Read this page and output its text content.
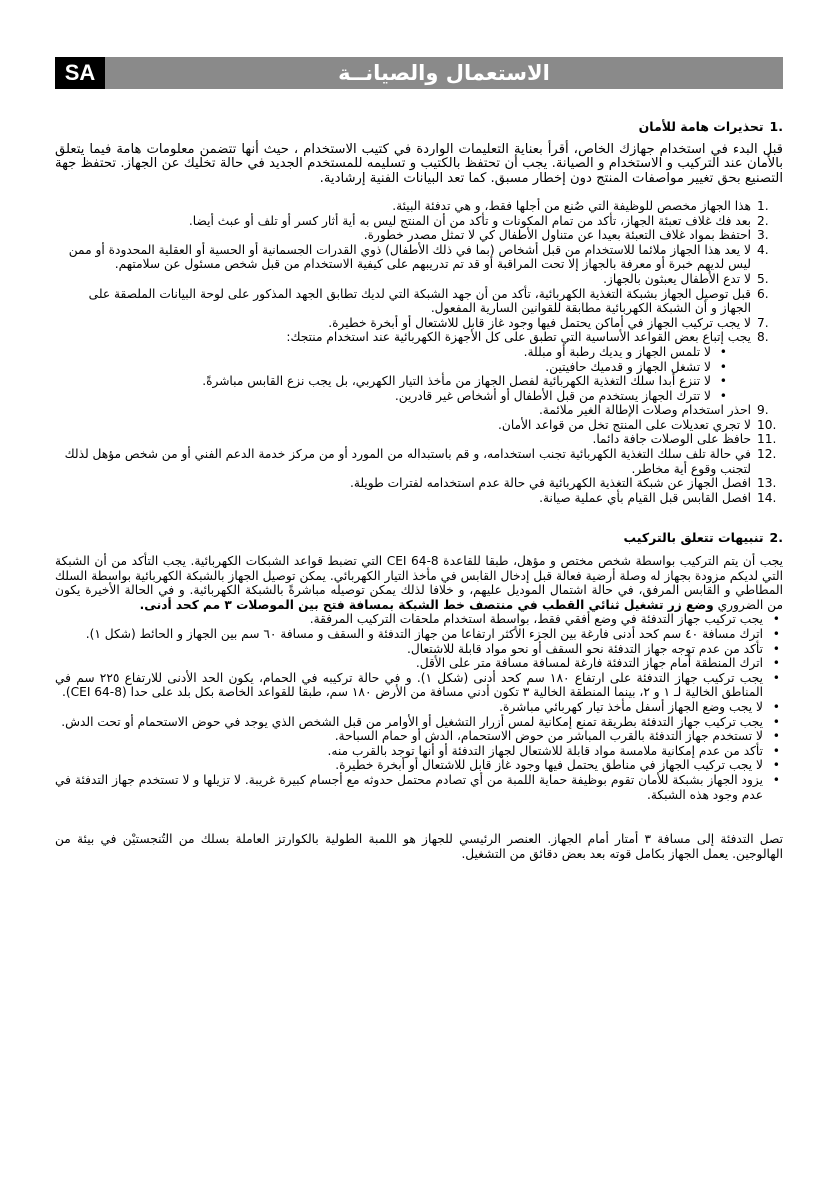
SA	الاستعمال والصيانــة
.1تحذيرات هامة للأمان

قبل البدء في استخدام جهازك الخاص، أقرأ بعناية التعليمات الواردة في كتيب الاستخدام ، حيث أنها تتضمن معلومات هامة فيما يتعلق بالأمان عند التركيب و الاستخدام و الصيانة. يجب أن تحتفظ بالكتيب و تسليمه للمستخدم الجديد في حالة تخليك عن الجهاز. تحتفظ جهة التصنيع بحق تغيير مواصفات المنتج دون إخطار مسبق. كما تعد البيانات الفنية إرشادية.

1.
هذا الجهاز مخصص للوظيفة التي صُنع من أجلها فقط، و هي تدفئة البيئة.
2.
بعد فك غلاف تعبئة الجهاز، تأكد من تمام المكونات و تأكد من أن المنتج ليس به أية أثار كسر أو تلف أو عبث أيضا.
3.
احتفظ بمواد غلاف التعبئة بعيدا عن متناول الأطفال كي لا تمثل مصدر خطورة.
4.
لا يعد هذا الجهاز ملائما للاستخدام من قبل أشخاص (بما في ذلك الأطفال) ذوي القدرات الجسمانية أو الحسية أو العقلية المحدودة أو ممن ليس لديهم خبرة أو معرفة بالجهاز إلا تحت المراقبة أو قد تم تدريبهم على كيفية الاستخدام من قبل شخص مسئول عن سلامتهم.
5.
لا تدع الأطفال يعبثون بالجهاز.
6.
قبل توصيل الجهاز بشبكة التغذية الكهربائية، تأكد من أن جهد الشبكة التي لديك تطابق الجهد المذكور على لوحة البيانات الملصقة على الجهاز و أن الشبكة الكهربائية مطابقة للقوانين السارية المفعول.
7.
لا يجب تركيب الجهاز في أماكن يحتمل فيها وجود غاز قابل للاشتعال أو أبخرة خطيرة.
8.
يجب إتباع بعض القواعد الأساسية التي تطبق على كل الأجهزة الكهربائية عند استخدام منتجك:
• لا تلمس الجهاز و يديك رطبة أو مبللة.
• لا تشغل الجهاز و قدميك حافيتين.
• لا تنزع أبدا سلك التغذية الكهربائية لفصل الجهاز من مأخذ التيار الكهربي، بل يجب نزع القابس مباشرةً.
• لا تترك الجهاز يستخدم من قبل الأطفال أو أشخاص غير قادرين.
9.
احذر استخدام وصلات الإطالة الغير ملائمة.
10.
لا تجري تعديلات على المنتج تخل من قواعد الأمان.
11.
حافظ على الوصلات جافة دائما.
12.
في حالة تلف سلك التغذية الكهربائية تجنب استخدامه، و قم باستبداله من المورد أو من مركز خدمة الدعم الفني أو من شخص مؤهل لذلك لتجنب وقوع أية مخاطر.
13.
افصل الجهاز عن شبكة التغذية الكهربائية في حالة عدم استخدامه لفترات طويلة.
14.
افصل القابس قبل القيام بأي عملية صيانة.
.2تنبيهات تتعلق بالتركيب

يجب أن يتم التركيب بواسطة شخص مختص و مؤهل، طبقا للقاعدة CEI 64-8 التي تضبط قواعد الشبكات الكهربائية. يجب التأكد من أن الشبكة التي لديكم مزودة بجهاز له وصلة أرضية فعالة قبل إدخال القابس في مأخذ التيار الكهربائي. يمكن توصيل الجهاز بالشبكة الكهربائية بواسطة السلك المطاطي و القابس المرفق، في حالة اشتمال الموديل عليهم، و خلافا لذلك يمكن توصيله مباشرةً بالشبكة الكهربائية. و في الحالة الأخيرة يكون من الضروري وضع زر تشغيل ثنائي القطب في منتصف خط الشبكة بمسافة فتح بين الموصلات ٣ مم كحد أدنى.

• يجب تركيب جهاز التدفئة في وضع أفقي فقط، بواسطة استخدام ملحقات التركيب المرفقة.
• اترك مسافة ٤٠ سم كحد أدنى فارغة بين الجزء الأكثر ارتفاعا من جهاز التدفئة و السقف و مسافة ٦٠ سم بين الجهاز و الحائط (شكل ١).
• تأكد من عدم توجه جهاز التدفئة نحو السقف أو نحو مواد قابلة للاشتعال.
• اترك المنطقة أمام جهاز التدفئة فارغة لمسافة مسافة متر على الأقل.
• يجب تركيب جهاز التدفئة على ارتفاع ١٨٠ سم كحد أدنى (شكل ١). و في حالة تركيبه في الحمام، يكون الحد الأدنى للارتفاع ٢٢٥ سم في المناطق الخالية لـ ١ و ٢، بينما المنطقة الخالية ٣ تكون أدني مسافة من الأرض ١٨٠ سم، طبقا للقواعد الخاصة بكل بلد على حدا (CEI 64-8).
• لا يجب وضع الجهاز أسفل مأخذ تيار كهربائي مباشرة.
• يجب تركيب جهاز التدفئة بطريقة تمنع إمكانية لمس أزرار التشغيل أو الأوامر من قبل الشخص الذي يوجد في حوض الاستحمام أو تحت الدش.
• لا تستخدم جهاز التدفئة بالقرب المباشر من حوض الاستحمام، الدش أو حمام السباحة.
• تأكد من عدم إمكانية ملامسة مواد قابلة للاشتعال لجهاز التدفئة أو أنها توجد بالقرب منه.
• لا يجب تركيب الجهاز في مناطق يحتمل فيها وجود غاز قابل للاشتعال أو أبخرة خطيرة.
• يزود الجهاز بشبكة للأمان تقوم بوظيفة حماية اللمبة من أي تصادم محتمل حدوثه مع أجسام كبيرة غريبة. لا تزيلها و لا تستخدم جهاز التدفئة في عدم وجود هذه الشبكة.

تصل التدفئة إلى مسافة ٣ أمتار أمام الجهاز. العنصر الرئيسي للجهاز هو اللمبة الطولية بالكوارتز العاملة بسلك من التُنجستيْن في بيئة من الهالوجين. يعمل الجهاز بكامل قوته بعد بعض دقائق من التشغيل.
